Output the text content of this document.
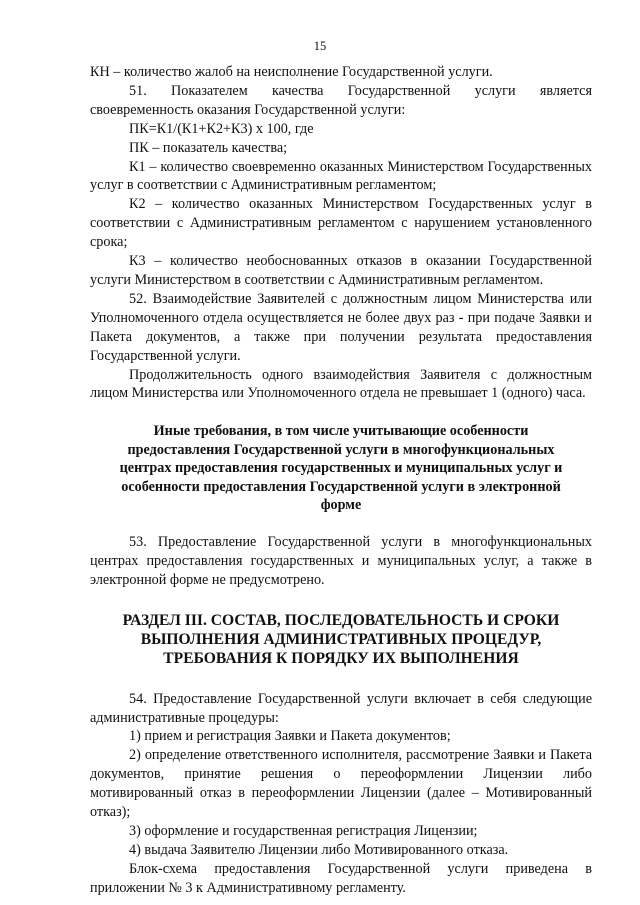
15

КН – количество жалоб на неисполнение Государственной услуги.

51. Показателем качества Государственной услуги является своевременность оказания Государственной услуги:

ПК=К1/(К1+К2+К3) х 100, где

ПК – показатель качества;

К1 – количество своевременно оказанных Министерством Государственных услуг в соответствии с Административным регламентом;

К2 – количество оказанных Министерством Государственных услуг в соответствии с Административным регламентом с нарушением установленного срока;

К3 – количество необоснованных отказов в оказании Государственной услуги Министерством в соответствии с Административным регламентом.

52. Взаимодействие Заявителей с должностным лицом Министерства или Уполномоченного отдела осуществляется не более двух раз - при подаче Заявки и Пакета документов, а также при получении результата предоставления Государственной услуги.

Продолжительность одного взаимодействия Заявителя с должностным лицом Министерства или Уполномоченного отдела не превышает 1 (одного) часа.

Иные требования, в том числе учитывающие особенности
предоставления Государственной услуги в многофункциональных
центрах предоставления государственных и муниципальных услуг и
особенности предоставления Государственной услуги в электронной
форме

53. Предоставление Государственной услуги в многофункциональных центрах предоставления государственных и муниципальных услуг, а также в электронной форме не предусмотрено.

РАЗДЕЛ III. СОСТАВ, ПОСЛЕДОВАТЕЛЬНОСТЬ И СРОКИ
ВЫПОЛНЕНИЯ АДМИНИСТРАТИВНЫХ ПРОЦЕДУР,
ТРЕБОВАНИЯ К ПОРЯДКУ ИХ ВЫПОЛНЕНИЯ

54. Предоставление Государственной услуги включает в себя следующие административные процедуры:

1) прием и регистрация Заявки и Пакета документов;

2) определение ответственного исполнителя, рассмотрение Заявки и Пакета документов, принятие решения о переоформлении Лицензии либо мотивированный отказ в переоформлении Лицензии (далее – Мотивированный отказ);

3) оформление и государственная регистрация Лицензии;

4) выдача Заявителю Лицензии либо Мотивированного отказа.

Блок-схема предоставления Государственной услуги приведена в приложении № 3 к Административному регламенту.
